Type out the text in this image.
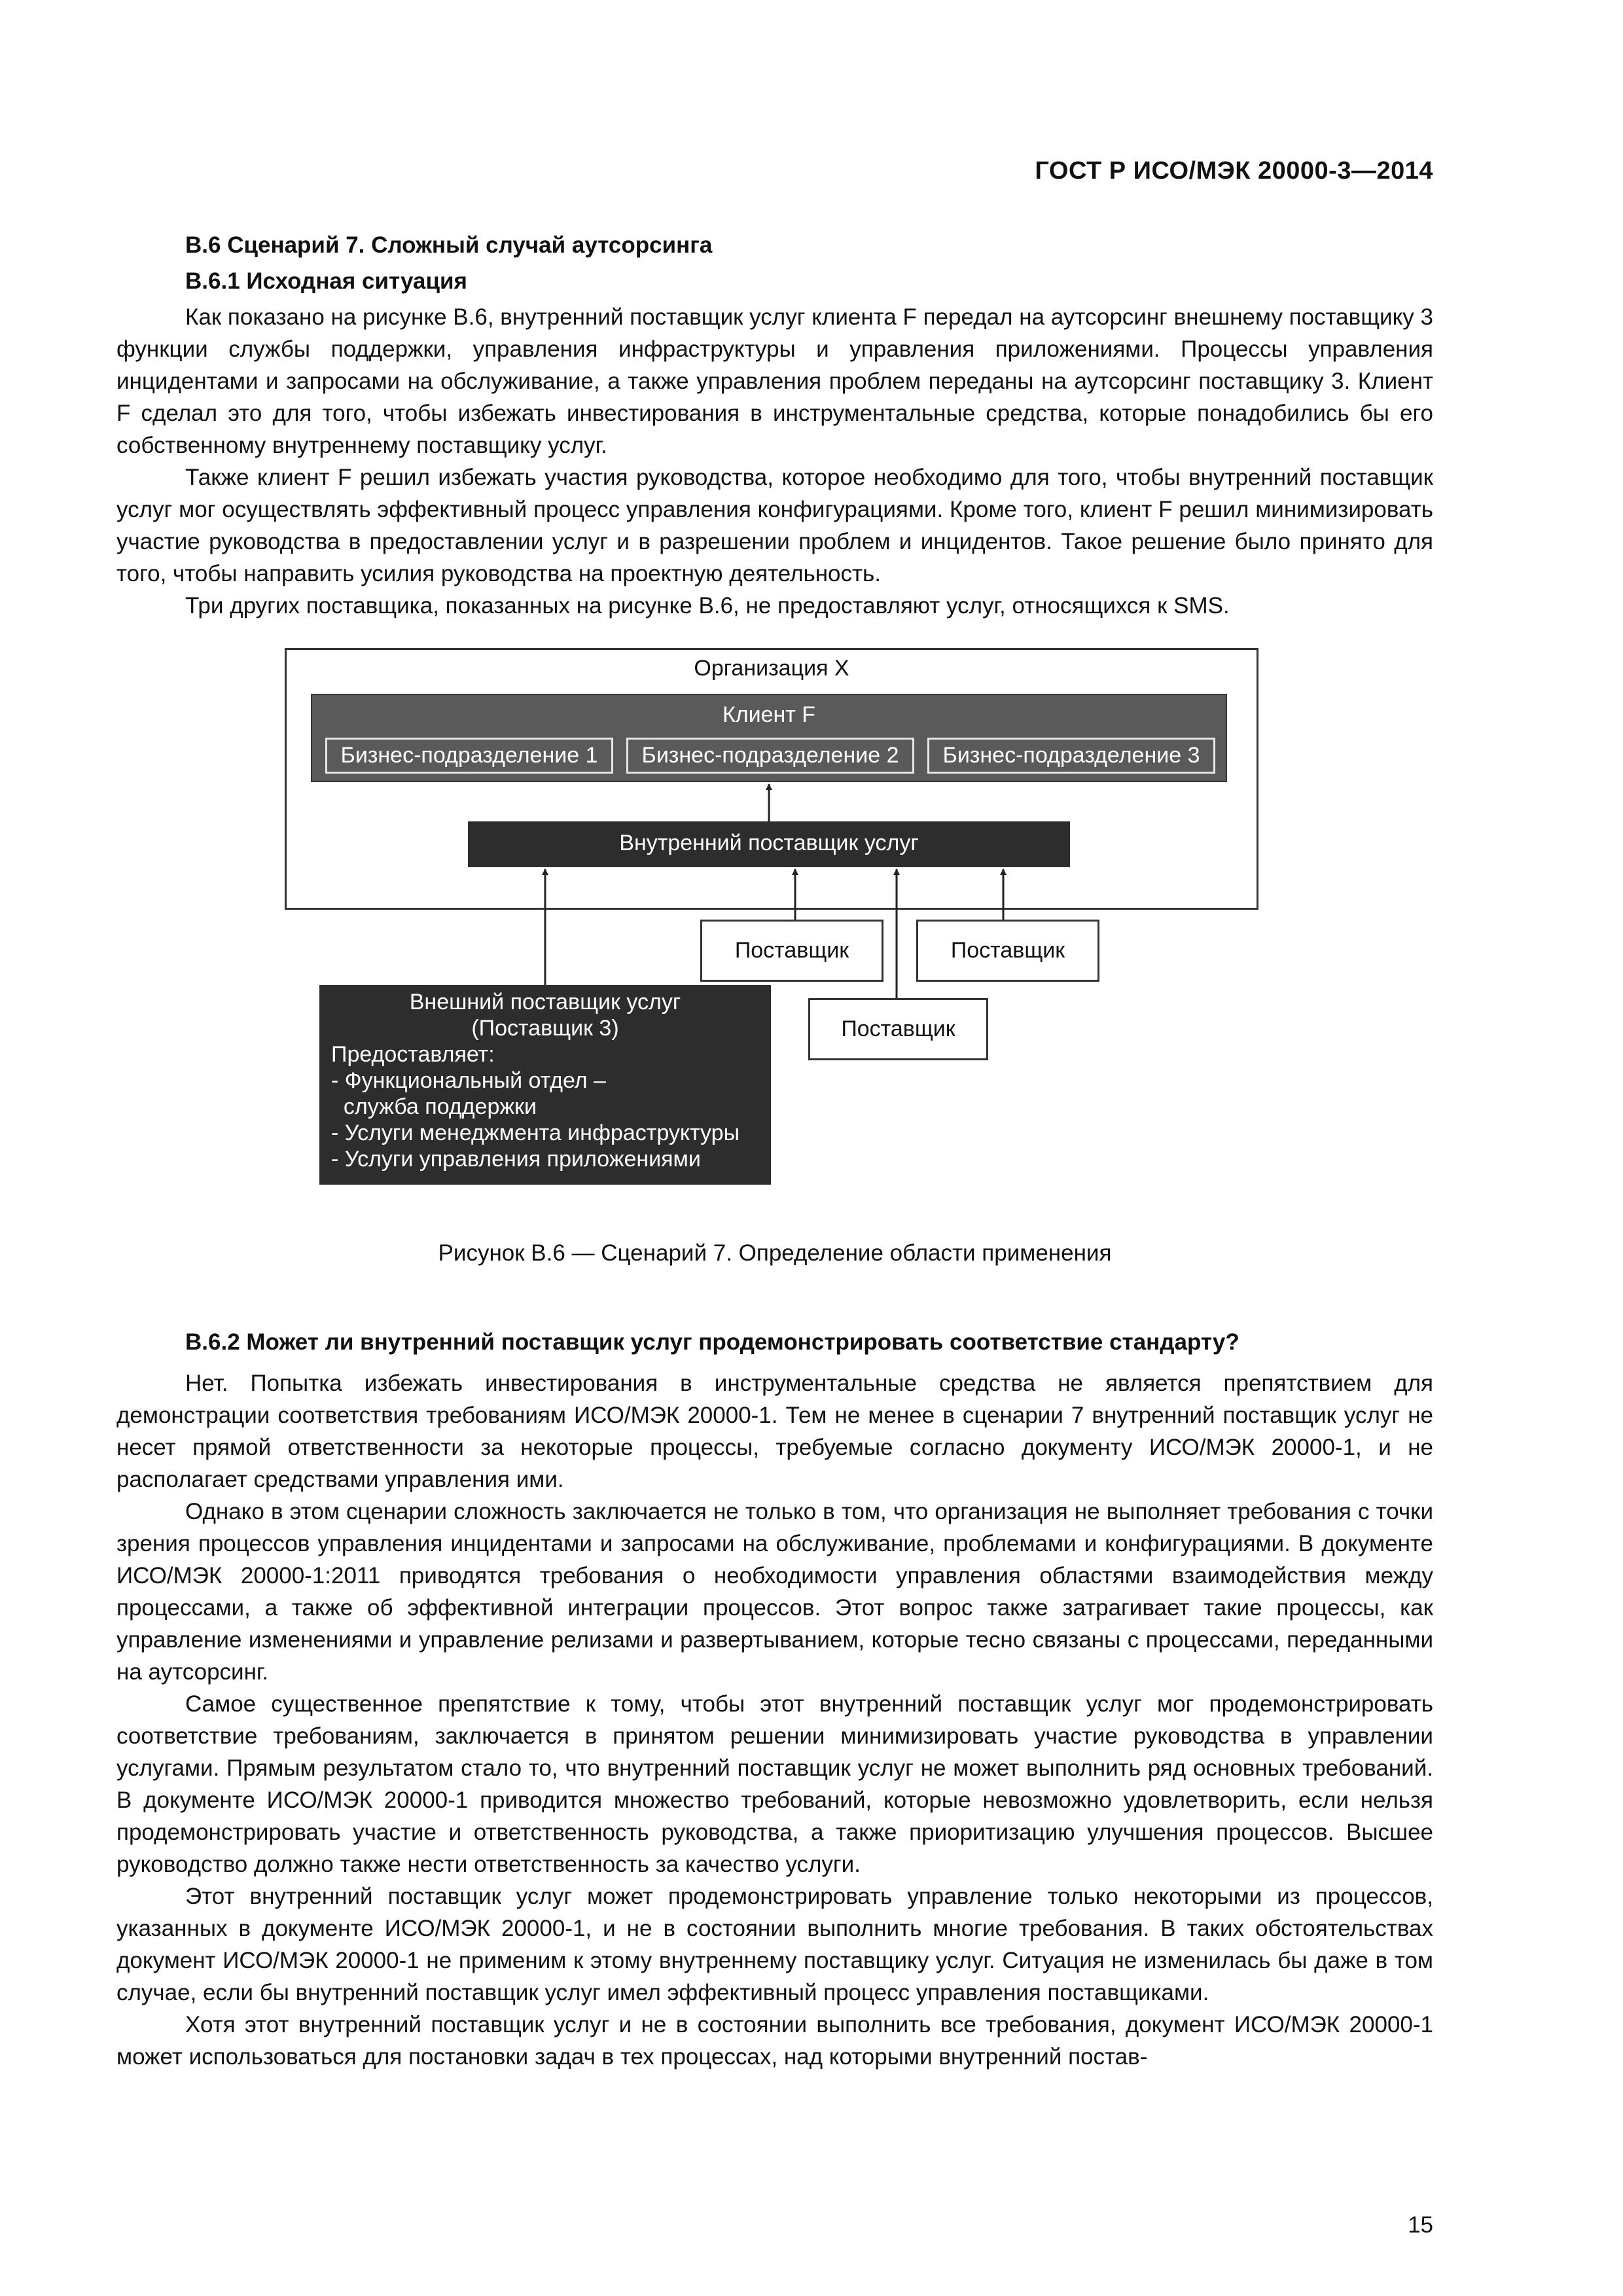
ГОСТ Р ИСО/МЭК 20000-3—2014

В.6 Сценарий 7. Сложный случай аутсорсинга

В.6.1 Исходная ситуация

Как показано на рисунке В.6, внутренний поставщик услуг клиента F передал на аутсорсинг внешнему поставщику 3 функции службы поддержки, управления инфраструктуры и управления приложениями. Процессы управления инцидентами и запросами на обслуживание, а также управления проблем переданы на аутсорсинг поставщику 3. Клиент F сделал это для того, чтобы избежать инвестирования в инструментальные средства, которые понадобились бы его собственному внутреннему поставщику услуг.

Также клиент F решил избежать участия руководства, которое необходимо для того, чтобы внутренний поставщик услуг мог осуществлять эффективный процесс управления конфигурациями. Кроме того, клиент F решил минимизировать участие руководства в предоставлении услуг и в разрешении проблем и инцидентов. Такое решение было принято для того, чтобы направить усилия руководства на проектную деятельность.

Три других поставщика, показанных на рисунке В.6, не предоставляют услуг, относящихся к SMS.

Организация X
Клиент F
Бизнес-подразделение 1	Бизнес-подразделение 2	Бизнес-подразделение 3
Внутренний поставщик услуг
Поставщик	Поставщик
Поставщик
Внешний поставщик услуг
(Поставщик 3)
Предоставляет:
- Функциональный отдел –
служба поддержки
- Услуги менеджмента инфраструктуры
- Услуги управления приложениями
Рисунок В.6 — Сценарий 7. Определение области применения

В.6.2 Может ли внутренний поставщик услуг продемонстрировать соответствие стандарту?

Нет. Попытка избежать инвестирования в инструментальные средства не является препятствием для демонстрации соответствия требованиям ИСО/МЭК 20000-1. Тем не менее в сценарии 7 внутренний поставщик услуг не несет прямой ответственности за некоторые процессы, требуемые согласно документу ИСО/МЭК 20000-1, и не располагает средствами управления ими.

Однако в этом сценарии сложность заключается не только в том, что организация не выполняет требования с точки зрения процессов управления инцидентами и запросами на обслуживание, проблемами и конфигурациями. В документе ИСО/МЭК 20000-1:2011 приводятся требования о необходимости управления областями взаимодействия между процессами, а также об эффективной интеграции процессов. Этот вопрос также затрагивает такие процессы, как управление изменениями и управление релизами и развертыванием, которые тесно связаны с процессами, переданными на аутсорсинг.

Самое существенное препятствие к тому, чтобы этот внутренний поставщик услуг мог продемонстрировать соответствие требованиям, заключается в принятом решении минимизировать участие руководства в управлении услугами. Прямым результатом стало то, что внутренний поставщик услуг не может выполнить ряд основных требований. В документе ИСО/МЭК 20000-1 приводится множество требований, которые невозможно удовлетворить, если нельзя продемонстрировать участие и ответственность руководства, а также приоритизацию улучшения процессов. Высшее руководство должно также нести ответственность за качество услуги.

Этот внутренний поставщик услуг может продемонстрировать управление только некоторыми из процессов, указанных в документе ИСО/МЭК 20000-1, и не в состоянии выполнить многие требования. В таких обстоятельствах документ ИСО/МЭК 20000-1 не применим к этому внутреннему поставщику услуг. Ситуация не изменилась бы даже в том случае, если бы внутренний поставщик услуг имел эффективный процесс управления поставщиками.

Хотя этот внутренний поставщик услуг и не в состоянии выполнить все требования, документ ИСО/МЭК 20000-1 может использоваться для постановки задач в тех процессах, над которыми внутренний постав-

15
